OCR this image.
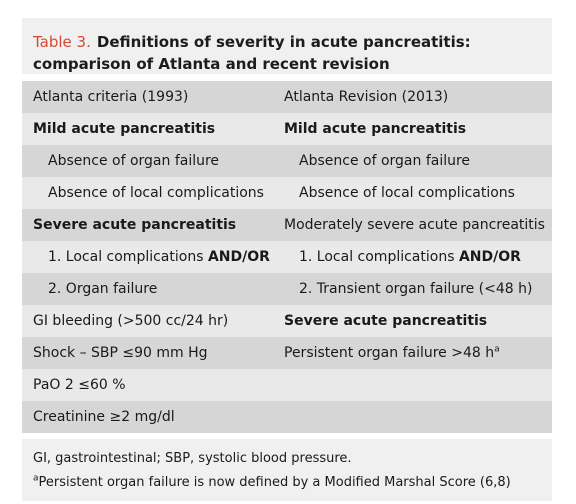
Table 3. Definitions of severity in acute pancreatitis: comparison of Atlanta and recent revision
Atlanta criteria (1993)	Atlanta Revision (2013)
Mild acute pancreatitis	Mild acute pancreatitis
Absence of organ failure	Absence of organ failure
Absence of local complications	Absence of local complications
Severe acute pancreatitis	Moderately severe acute pancreatitis
1. Local complications AND/OR	1. Local complications AND/OR
2. Organ failure	2. Transient organ failure (<48 h)
GI bleeding (>500 cc/24 hr)	Severe acute pancreatitis
Shock – SBP ≤90 mm Hg	Persistent organ failure >48 $h^a$
PaO 2 ≤60 %	
Creatinine ≥2 mg/dl	
GI, gastrointestinal; SBP, systolic blood pressure.
$^a$Persistent organ failure is now defined by a Modified Marshal Score (6,8)
